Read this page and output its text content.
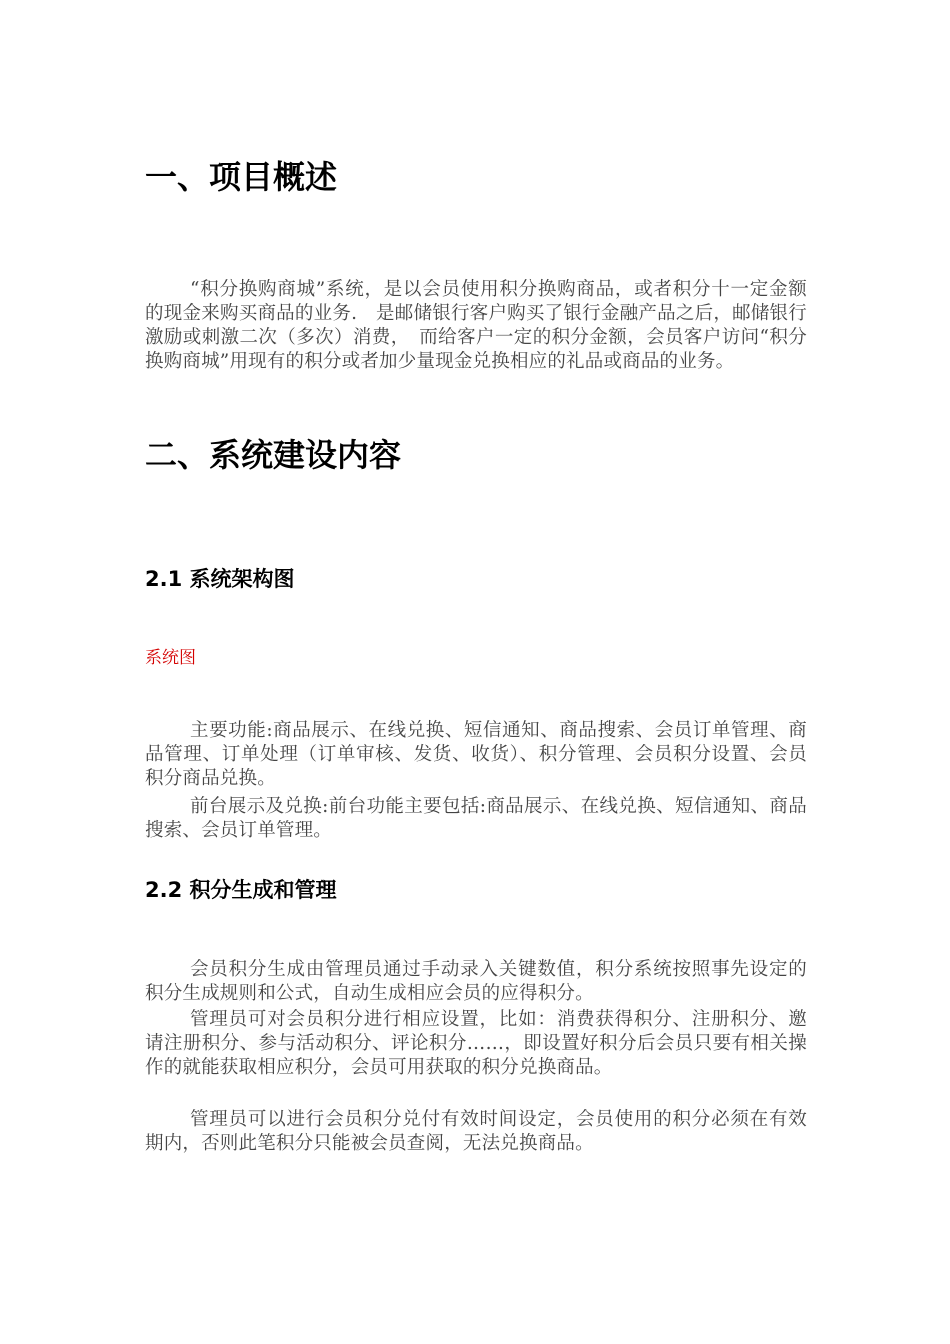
一、项目概述

“积分换购商城”系统，是以会员使用积分换购商品，或者积分十一定金额的现金来购买商品的业务.　是邮储银行客户购买了银行金融产品之后，邮储银行激励或刺激二次（多次）消费，　而给客户一定的积分金额，会员客户访问“积分换购商城”用现有的积分或者加少量现金兑换相应的礼品或商品的业务。

二、系统建设内容
2.1 系统架构图

系统图

主要功能:商品展示、在线兑换、短信通知、商品搜索、会员订单管理、商品管理、订单处理（订单审核、发货、收货）、积分管理、会员积分设置、会员积分商品兑换。

前台展示及兑换:前台功能主要包括:商品展示、在线兑换、短信通知、商品搜索、会员订单管理。

2.2 积分生成和管理

会员积分生成由管理员通过手动录入关键数值，积分系统按照事先设定的积分生成规则和公式，自动生成相应会员的应得积分。

管理员可对会员积分进行相应设置，比如：消费获得积分、注册积分、邀请注册积分、参与活动积分、评论积分……，即设置好积分后会员只要有相关操作的就能获取相应积分，会员可用获取的积分兑换商品。

管理员可以进行会员积分兑付有效时间设定，会员使用的积分必须在有效期内，否则此笔积分只能被会员查阅，无法兑换商品。
